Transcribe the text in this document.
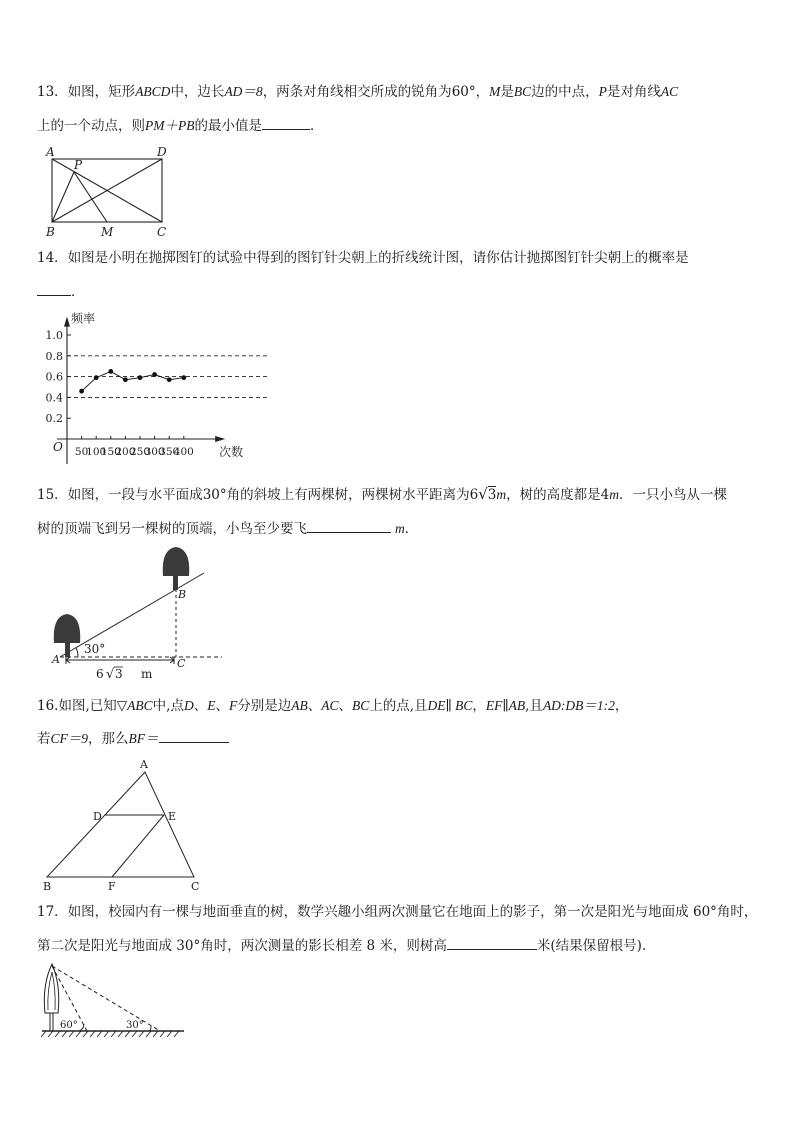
13．如图，矩形ABCD中，边长AD＝8，两条对角线相交所成的锐角为60°，M是BC边的中点，P是对角线AC
上的一个动点，则PM＋PB的最小值是	．
A	D
P
B	M	C
14．如图是小明在抛掷图钉的试验中得到的图钉针尖朝上的折线统计图，请你估计抛掷图钉针尖朝上的概率是
．
频率
次数
O
0.2
0.4
0.6
0.8
1.0
50
100
150
200
250
300
350
400
15．如图，一段与水平面成30°角的斜坡上有两棵树，两棵树水平距离为6√3m，树的高度都是4m．一只小鸟从一棵
树的顶端飞到另一棵树的顶端，小鸟至少要飞	m．
A
B
C
30°
6 √ 3 m
16.如图,已知▽ABC中,点D、E、F分别是边AB、AC、BC上的点,且DE∥ BC，EF∥AB,且AD:DB＝1:2，
若CF＝9，那么BF＝
A
D	E
B	F	C
17．如图，校园内有一棵与地面垂直的树，数学兴趣小组两次测量它在地面上的影子，第一次是阳光与地面成 60°角时，
第二次是阳光与地面成 30°角时，两次测量的影长相差 8 米，则树高	米(结果保留根号).
60°	30°
